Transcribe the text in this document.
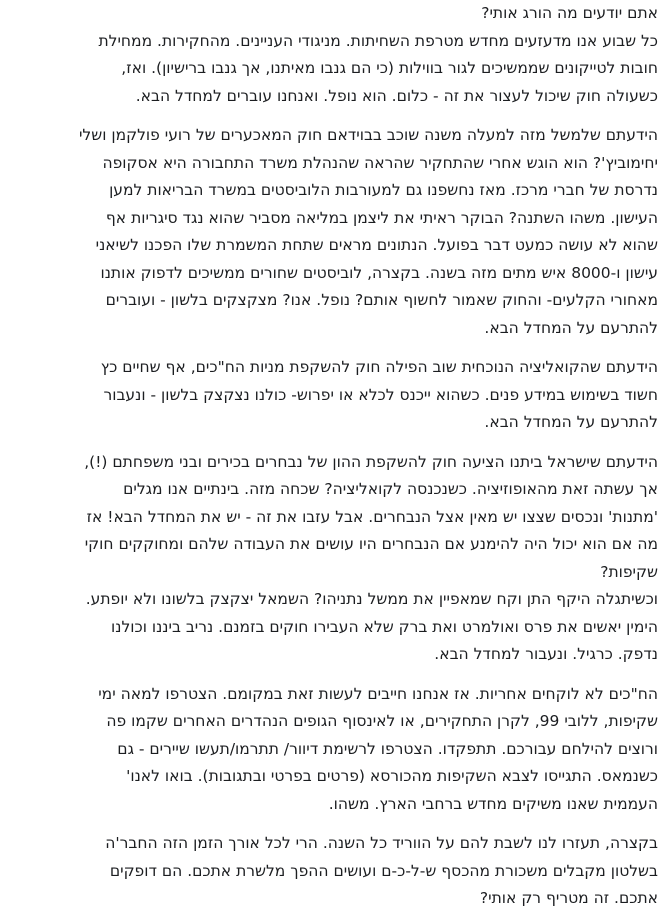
אתם יודעים מה הורג אותי?
כל שבוע אנו מדעזעים מחדש מטרפת השחיתות. מניגודי העניינים. מהחקירות. ממחילת
חובות לטייקונים שממשיכים לגור בווילות (כי הם גנבו מאיתנו, אך גנבו ברישיון). ואז,
כשעולה חוק שיכול לעצור את זה - כלום. הוא נופל. ואנחנו עוברים למחדל הבא.

הידעתם שלמשל מזה למעלה משנה שוכב בבוידאם חוק המאכערים של רועי פולקמן ושלי
יחימוביץ'? הוא הוגש אחרי שהתחקיר שהראה שהנהלת משרד התחבורה היא אסקופה
נדרסת של חברי מרכז. מאז נחשפנו גם למעורבות הלוביסטים במשרד הבריאות למען
העישון. משהו השתנה? הבוקר ראיתי את ליצמן במליאה מסביר שהוא נגד סיגריות אף
שהוא לא עושה כמעט דבר בפועל. הנתונים מראים שתחת המשמרת שלו הפכנו לשיאני
עישון ו-8000 איש מתים מזה בשנה. בקצרה, לוביסטים שחורים ממשיכים לדפוק אותנו
מאחורי הקלעים- והחוק שאמור לחשוף אותם? נופל. אנו? מצקצקים בלשון - ועוברים
להתרעם על המחדל הבא.

הידעתם שהקואליציה הנוכחית שוב הפילה חוק להשקפת מניות הח"כים, אף שחיים כץ
חשוד בשימוש במידע פנים. כשהוא ייכנס לכלא או יפרוש- כולנו נצקצק בלשון - ונעבור
להתרעם על המחדל הבא.

הידעתם שישראל ביתנו הציעה חוק להשקפת ההון של נבחרים בכירים ובני משפחתם (!),
אך עשתה זאת מהאופוזיציה. כשנכנסה לקואליציה? שכחה מזה. בינתיים אנו מגלים
'מתנות' ונכסים שצצו יש מאין אצל הנבחרים. אבל עזבו את זה - יש את המחדל הבא! אז
מה אם הוא יכול היה להימנע אם הנבחרים היו עושים את העבודה שלהם ומחוקקים חוקי
שקיפות?

וכשיתגלה היקף התן וקח שמאפיין את ממשל נתניהו? השמאל יצקצק בלשונו ולא יופתע.
הימין יאשים את פרס ואולמרט ואת ברק שלא העבירו חוקים בזמנם. נריב ביננו וכולנו
נדפק. כרגיל. ונעבור למחדל הבא.

הח"כים לא לוקחים אחריות. אז אנחנו חייבים לעשות זאת במקומם. הצטרפו למאה ימי
שקיפות, ללובי 99, לקרן התחקירים, או לאינסוף הגופים הנהדרים האחרים שקמו פה
ורוצים להילחם עבורכם. תתפקדו. הצטרפו לרשימת דיוור/ תתרמו/תעשו שיירים - גם
כשנמאס. התגייסו לצבא השקיפות מהכורסא (פרטים בפרטי ובתגובות). בואו לאנו'
העממית שאנו משיקים מחדש ברחבי הארץ. משהו.

בקצרה, תעזרו לנו לשבת להם על הווריד כל השנה. הרי לכל אורך הזמן הזה החבר'ה
בשלטון מקבלים משכורת מהכסף ש-ל-כ-ם ועושים ההפך מלשרת אתכם. הם דופקים
אתכם. זה מטריף רק אותי?
